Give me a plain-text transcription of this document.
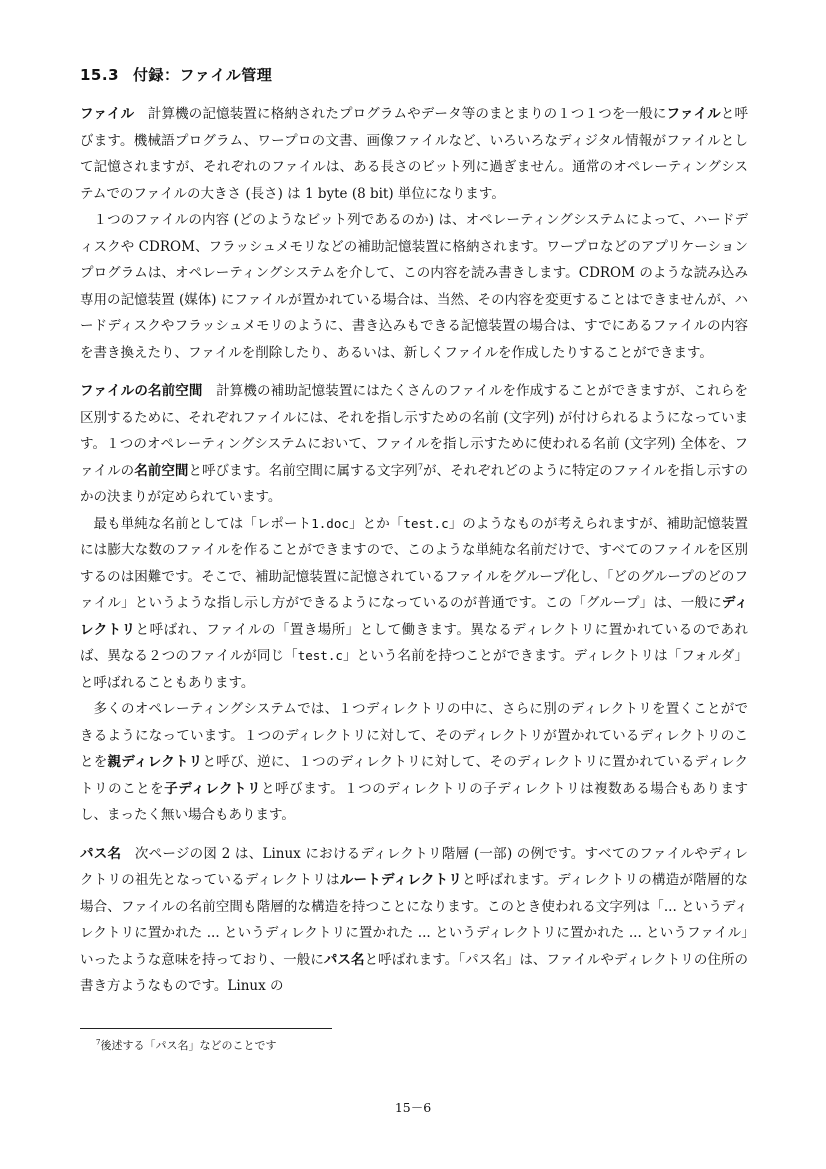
15.3 付録：ファイル管理

ファイル 計算機の記憶装置に格納されたプログラムやデータ等のまとまりの１つ１つを一般にファイルと呼びます。機械語プログラム、ワープロの文書、画像ファイルなど、いろいろなディジタル情報がファイルとして記憶されますが、それぞれのファイルは、ある長さのビット列に過ぎません。通常のオペレーティングシステムでのファイルの大きさ (長さ) は 1 byte (8 bit) 単位になります。

１つのファイルの内容 (どのようなビット列であるのか) は、オペレーティングシステムによって、ハードディスクや CDROM、フラッシュメモリなどの補助記憶装置に格納されます。ワープロなどのアプリケーションプログラムは、オペレーティングシステムを介して、この内容を読み書きします。CDROM のような読み込み専用の記憶装置 (媒体) にファイルが置かれている場合は、当然、その内容を変更することはできませんが、ハードディスクやフラッシュメモリのように、書き込みもできる記憶装置の場合は、すでにあるファイルの内容を書き換えたり、ファイルを削除したり、あるいは、新しくファイルを作成したりすることができます。

ファイルの名前空間 計算機の補助記憶装置にはたくさんのファイルを作成することができますが、これらを区別するために、それぞれファイルには、それを指し示すための名前 (文字列) が付けられるようになっています。１つのオペレーティングシステムにおいて、ファイルを指し示すために使われる名前 (文字列) 全体を、ファイルの名前空間と呼びます。名前空間に属する文字列$^7$が、それぞれどのように特定のファイルを指し示すのかの決まりが定められています。

最も単純な名前としては「レポート1.doc」とか「test.c」のようなものが考えられますが、補助記憶装置には膨大な数のファイルを作ることができますので、このような単純な名前だけで、すべてのファイルを区別するのは困難です。そこで、補助記憶装置に記憶されているファイルをグループ化し、「どのグループのどのファイル」というような指し示し方ができるようになっているのが普通です。この「グループ」は、一般にディレクトリと呼ばれ、ファイルの「置き場所」として働きます。異なるディレクトリに置かれているのであれば、異なる２つのファイルが同じ「test.c」という名前を持つことができます。ディレクトリは「フォルダ」と呼ばれることもあります。

多くのオペレーティングシステムでは、１つディレクトリの中に、さらに別のディレクトリを置くことができるようになっています。１つのディレクトリに対して、そのディレクトリが置かれているディレクトリのことを親ディレクトリと呼び、逆に、１つのディレクトリに対して、そのディレクトリに置かれているディレクトリのことを子ディレクトリと呼びます。１つのディレクトリの子ディレクトリは複数ある場合もありますし、まったく無い場合もあります。

パス名 次ページの図 2 は、Linux におけるディレクトリ階層 (一部) の例です。すべてのファイルやディレクトリの祖先となっているディレクトリはルートディレクトリと呼ばれます。ディレクトリの構造が階層的な場合、ファイルの名前空間も階層的な構造を持つことになります。このとき使われる文字列は「... というディレクトリに置かれた ... というディレクトリに置かれた ... というディレクトリに置かれた ... というファイル」いったような意味を持っており、一般にパス名と呼ばれます。「パス名」は、ファイルやディレクトリの住所の書き方ようなものです。Linux の

$^7$後述する「パス名」などのことです
15－6
